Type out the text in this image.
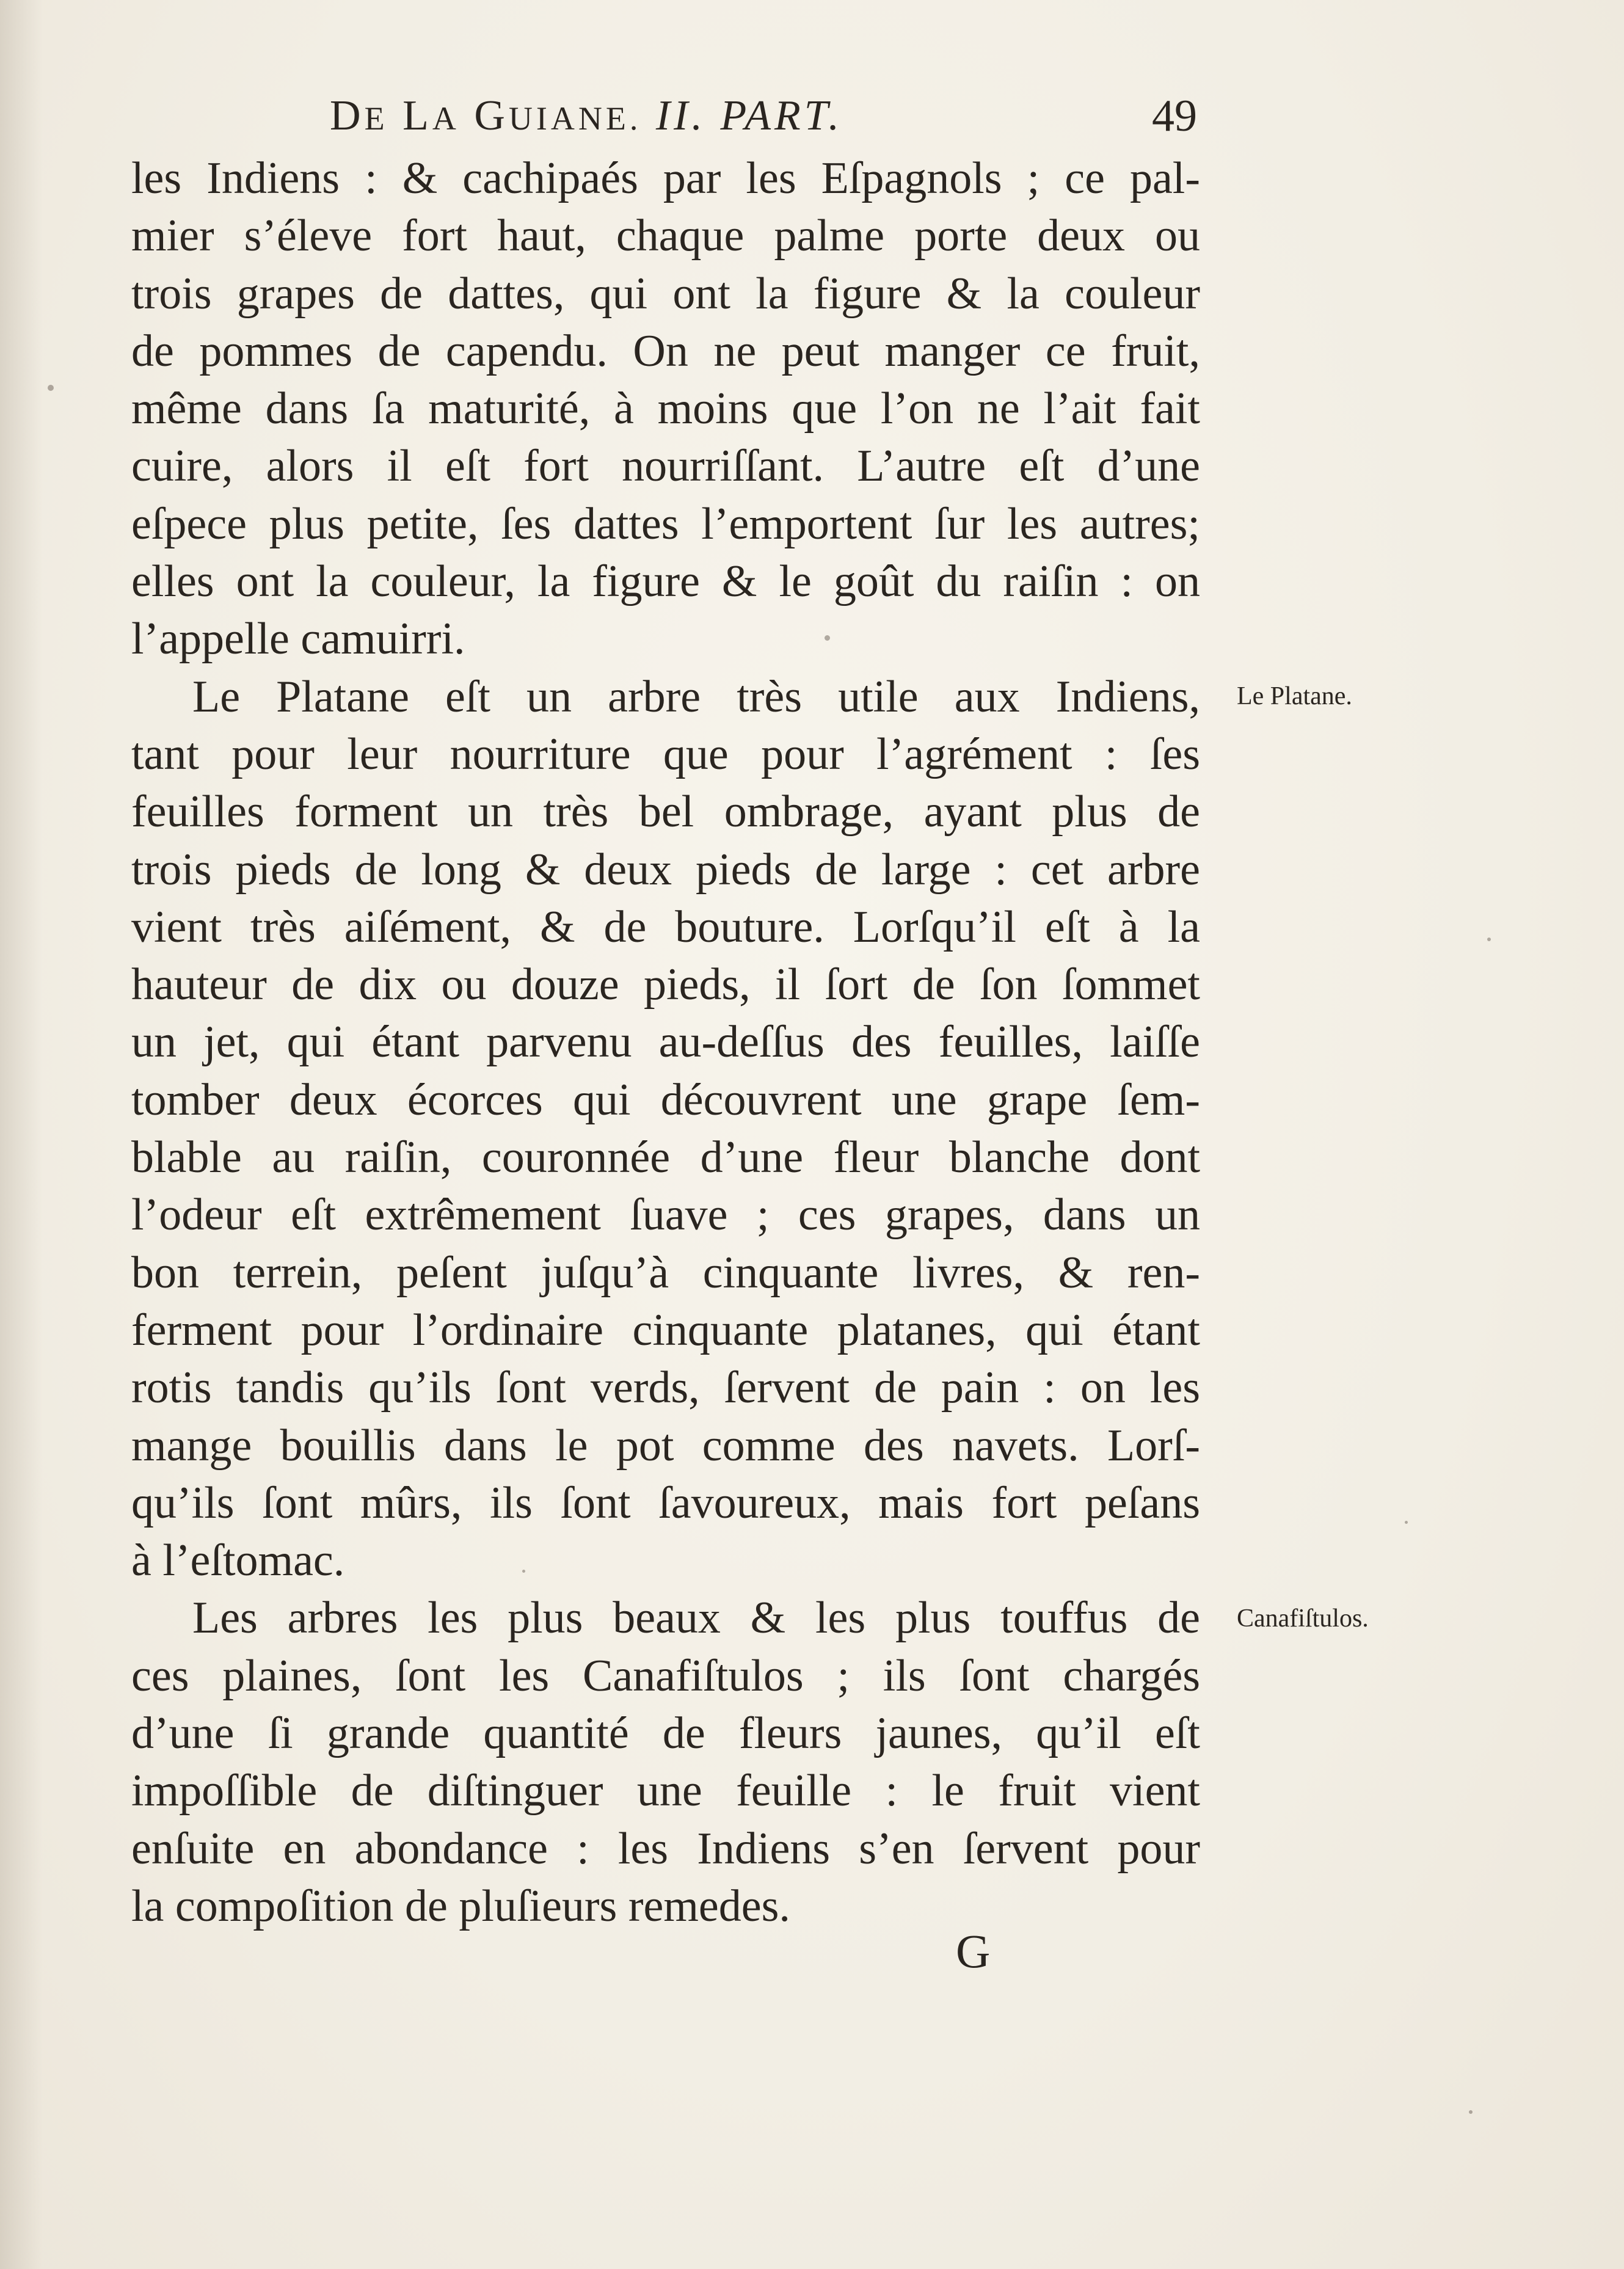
DE LA GUIANE. II. PART.	49
les Indiens : & cachipaés par les Eſpagnols ; ce pal-
mier s’éleve fort haut, chaque palme porte deux ou
trois grapes de dattes, qui ont la figure & la couleur
de pommes de capendu. On ne peut manger ce fruit,
même dans ſa maturité, à moins que l’on ne l’ait fait
cuire, alors il eſt fort nourriſſant. L’autre eſt d’une
eſpece plus petite, ſes dattes l’emportent ſur les autres;
elles ont la couleur, la figure & le goût du raiſin : on
l’appelle camuirri.
Le Platane eſt un arbre très utile aux Indiens,
tant pour leur nourriture que pour l’agrément : ſes
feuilles forment un très bel ombrage, ayant plus de
trois pieds de long & deux pieds de large : cet arbre
vient très aiſément, & de bouture. Lorſqu’il eſt à la
hauteur de dix ou douze pieds, il ſort de ſon ſommet
un jet, qui étant parvenu au-deſſus des feuilles, laiſſe
tomber deux écorces qui découvrent une grape ſem-
blable au raiſin, couronnée d’une fleur blanche dont
l’odeur eſt extrêmement ſuave ; ces grapes, dans un
bon terrein, peſent juſqu’à cinquante livres, & ren-
ferment pour l’ordinaire cinquante platanes, qui étant
rotis tandis qu’ils ſont verds, ſervent de pain : on les
mange bouillis dans le pot comme des navets. Lorſ-
qu’ils ſont mûrs, ils ſont ſavoureux, mais fort peſans
à l’eſtomac.
Les arbres les plus beaux & les plus touffus de
ces plaines, ſont les Canafiſtulos ; ils ſont chargés
d’une ſi grande quantité de fleurs jaunes, qu’il eſt
impoſſible de diſtinguer une feuille : le fruit vient
enſuite en abondance : les Indiens s’en ſervent pour
la compoſition de pluſieurs remedes.
Le Platane.
Canafiſtulos.
G
